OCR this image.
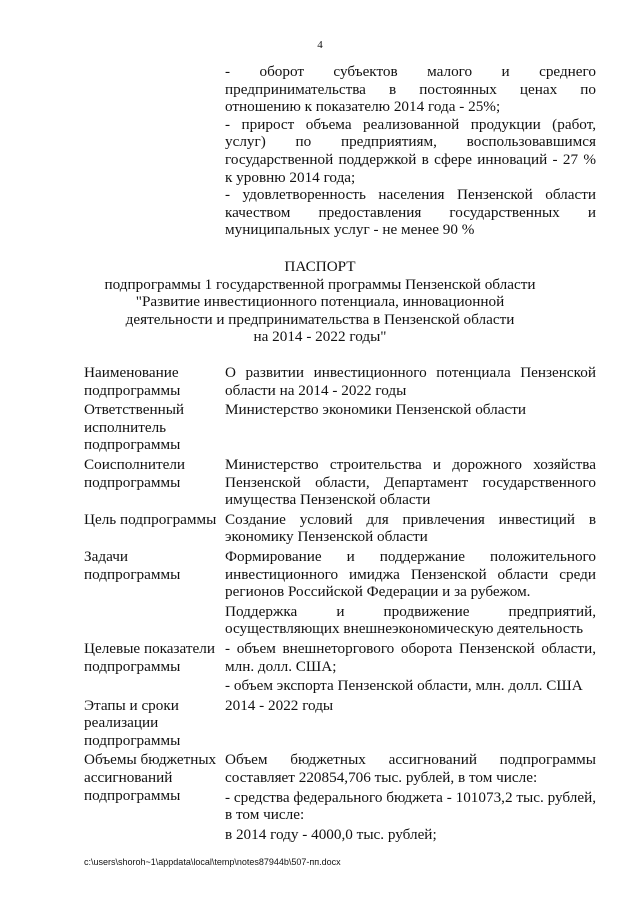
4

- оборот субъектов малого и среднего предпринимательства в постоянных ценах по отношению к показателю 2014 года - 25%;

- прирост объема реализованной продукции (работ, услуг) по предприятиям, воспользовавшимся государственной поддержкой в сфере инноваций - 27 % к уровню 2014 года;

- удовлетворенность населения Пензенской области качеством предоставления государственных и муниципальных услуг - не менее 90 %

ПАСПОРТ
подпрограммы 1 государственной программы Пензенской области
"Развитие инвестиционного потенциала, инновационной
деятельности и предпринимательства в Пензенской области
на 2014 - 2022 годы"
Наименование подпрограммы

О развитии инвестиционного потенциала Пензенской области на 2014 - 2022 годы

Ответственный исполнитель подпрограммы

Министерство экономики Пензенской области

Соисполнители подпрограммы

Министерство строительства и дорожного хозяйства Пензенской области, Департамент государственного имущества Пензенской области

Цель подпрограммы Создание условий для привлечения инвестиций в экономику Пензенской области

Задачи подпрограммы

Формирование и поддержание положительного инвестиционного имиджа Пензенской области среди регионов Российской Федерации и за рубежом.

Поддержка и продвижение предприятий, осуществляющих внешнеэкономическую деятельность

Целевые показатели подпрограммы

- объем внешнеторгового оборота Пензенской области, млн. долл. США;

- объем экспорта Пензенской области, млн. долл. США

Этапы и сроки реализации подпрограммы

2014 - 2022 годы

Объемы бюджетных ассигнований подпрограммы

Объем бюджетных ассигнований подпрограммы составляет 220854,706 тыс. рублей, в том числе:

- средства федерального бюджета - 101073,2 тыс. рублей, в том числе:

в 2014 году - 4000,0 тыс. рублей;

c:\users\shoroh~1\appdata\local\temp\notes87944b\507-пп.docx
